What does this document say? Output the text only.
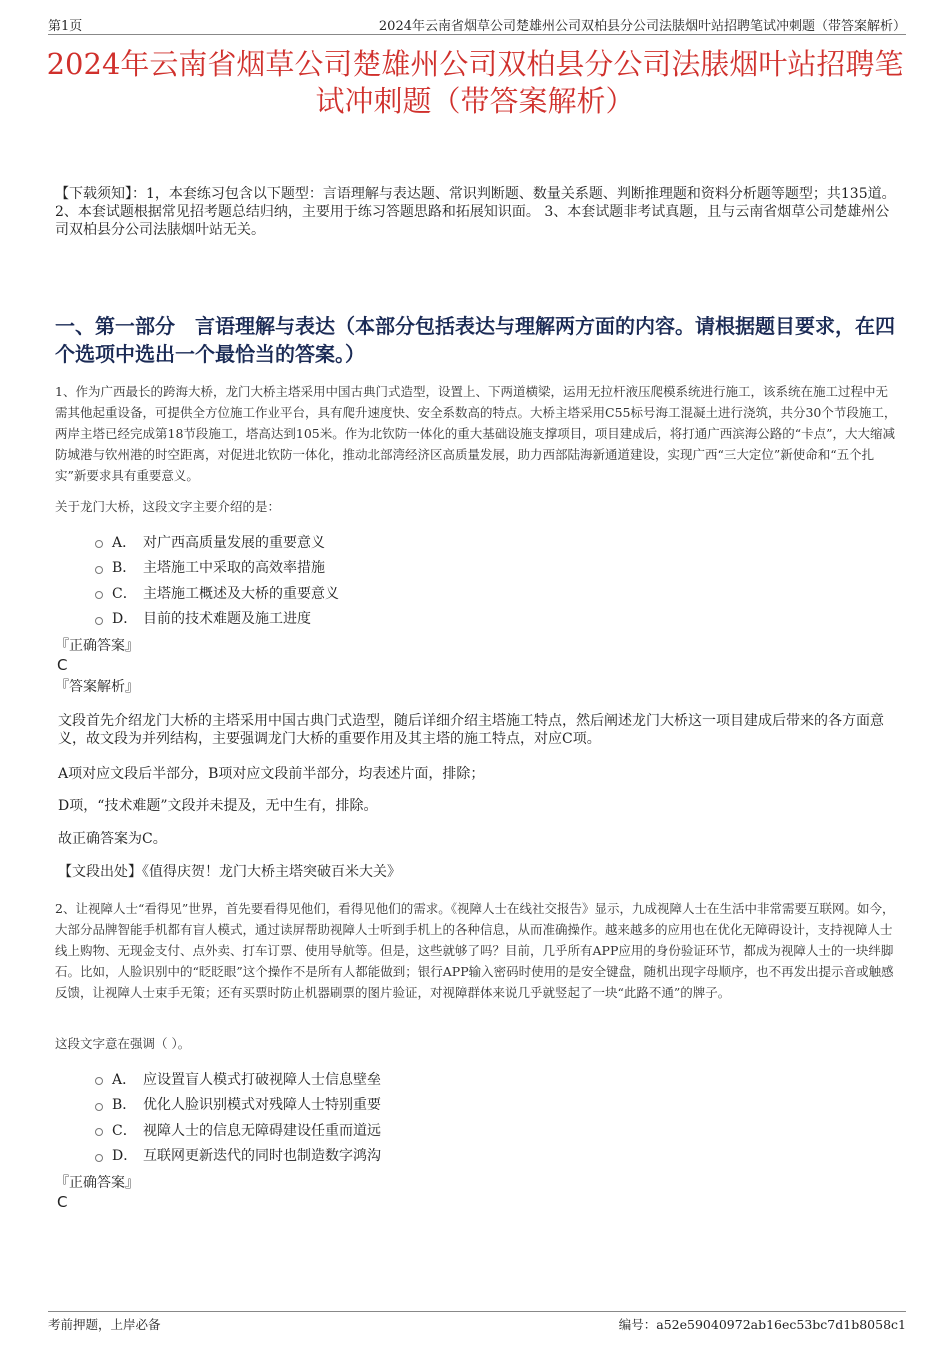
第1页	2024年云南省烟草公司楚雄州公司双柏县分公司法脿烟叶站招聘笔试冲刺题（带答案解析）
2024年云南省烟草公司楚雄州公司双柏县分公司法脿烟叶站招聘笔试冲刺题（带答案解析）

【下载须知】：1，本套练习包含以下题型：言语理解与表达题、常识判断题、数量关系题、判断推理题和资料分析题等题型；共135道。 2、本套试题根据常见招考题总结归纳，主要用于练习答题思路和拓展知识面。 3、本套试题非考试真题，且与云南省烟草公司楚雄州公司双柏县分公司法脿烟叶站无关。

一、第一部分　言语理解与表达（本部分包括表达与理解两方面的内容。请根据题目要求，在四个选项中选出一个最恰当的答案。）

1、作为广西最长的跨海大桥，龙门大桥主塔采用中国古典门式造型，设置上、下两道横梁，运用无拉杆液压爬模系统进行施工，该系统在施工过程中无需其他起重设备，可提供全方位施工作业平台，具有爬升速度快、安全系数高的特点。大桥主塔采用C55标号海工混凝土进行浇筑，共分30个节段施工，两岸主塔已经完成第18节段施工，塔高达到105米。作为北钦防一体化的重大基础设施支撑项目，项目建成后，将打通广西滨海公路的“卡点”，大大缩减防城港与钦州港的时空距离，对促进北钦防一体化，推动北部湾经济区高质量发展，助力西部陆海新通道建设，实现广西“三大定位”新使命和“五个扎实”新要求具有重要意义。

关于龙门大桥，这段文字主要介绍的是：

A． 对广西高质量发展的重要意义
B． 主塔施工中采取的高效率措施
C． 主塔施工概述及大桥的重要意义
D． 目前的技术难题及施工进度
『正确答案』
C
『答案解析』

文段首先介绍龙门大桥的主塔采用中国古典门式造型，随后详细介绍主塔施工特点，然后阐述龙门大桥这一项目建成后带来的各方面意义，故文段为并列结构，主要强调龙门大桥的重要作用及其主塔的施工特点，对应C项。

A项对应文段后半部分，B项对应文段前半部分，均表述片面，排除；

D项，“技术难题”文段并未提及，无中生有，排除。

故正确答案为C。

【文段出处】《值得庆贺！龙门大桥主塔突破百米大关》

2、让视障人士“看得见”世界，首先要看得见他们，看得见他们的需求。《视障人士在线社交报告》显示，九成视障人士在生活中非常需要互联网。如今，大部分品牌智能手机都有盲人模式，通过读屏帮助视障人士听到手机上的各种信息，从而准确操作。越来越多的应用也在优化无障碍设计，支持视障人士线上购物、无现金支付、点外卖、打车订票、使用导航等。但是，这些就够了吗？目前，几乎所有APP应用的身份验证环节，都成为视障人士的一块绊脚石。比如，人脸识别中的“眨眨眼”这个操作不是所有人都能做到；银行APP输入密码时使用的是安全键盘，随机出现字母顺序，也不再发出提示音或触感反馈，让视障人士束手无策；还有买票时防止机器刷票的图片验证，对视障群体来说几乎就竖起了一块“此路不通”的牌子。

这段文字意在强调（ ）。

A． 应设置盲人模式打破视障人士信息壁垒
B． 优化人脸识别模式对残障人士特别重要
C． 视障人士的信息无障碍建设任重而道远
D． 互联网更新迭代的同时也制造数字鸿沟
『正确答案』
C
考前押题，上岸必备	编号：a52e59040972ab16ec53bc7d1b8058c1
